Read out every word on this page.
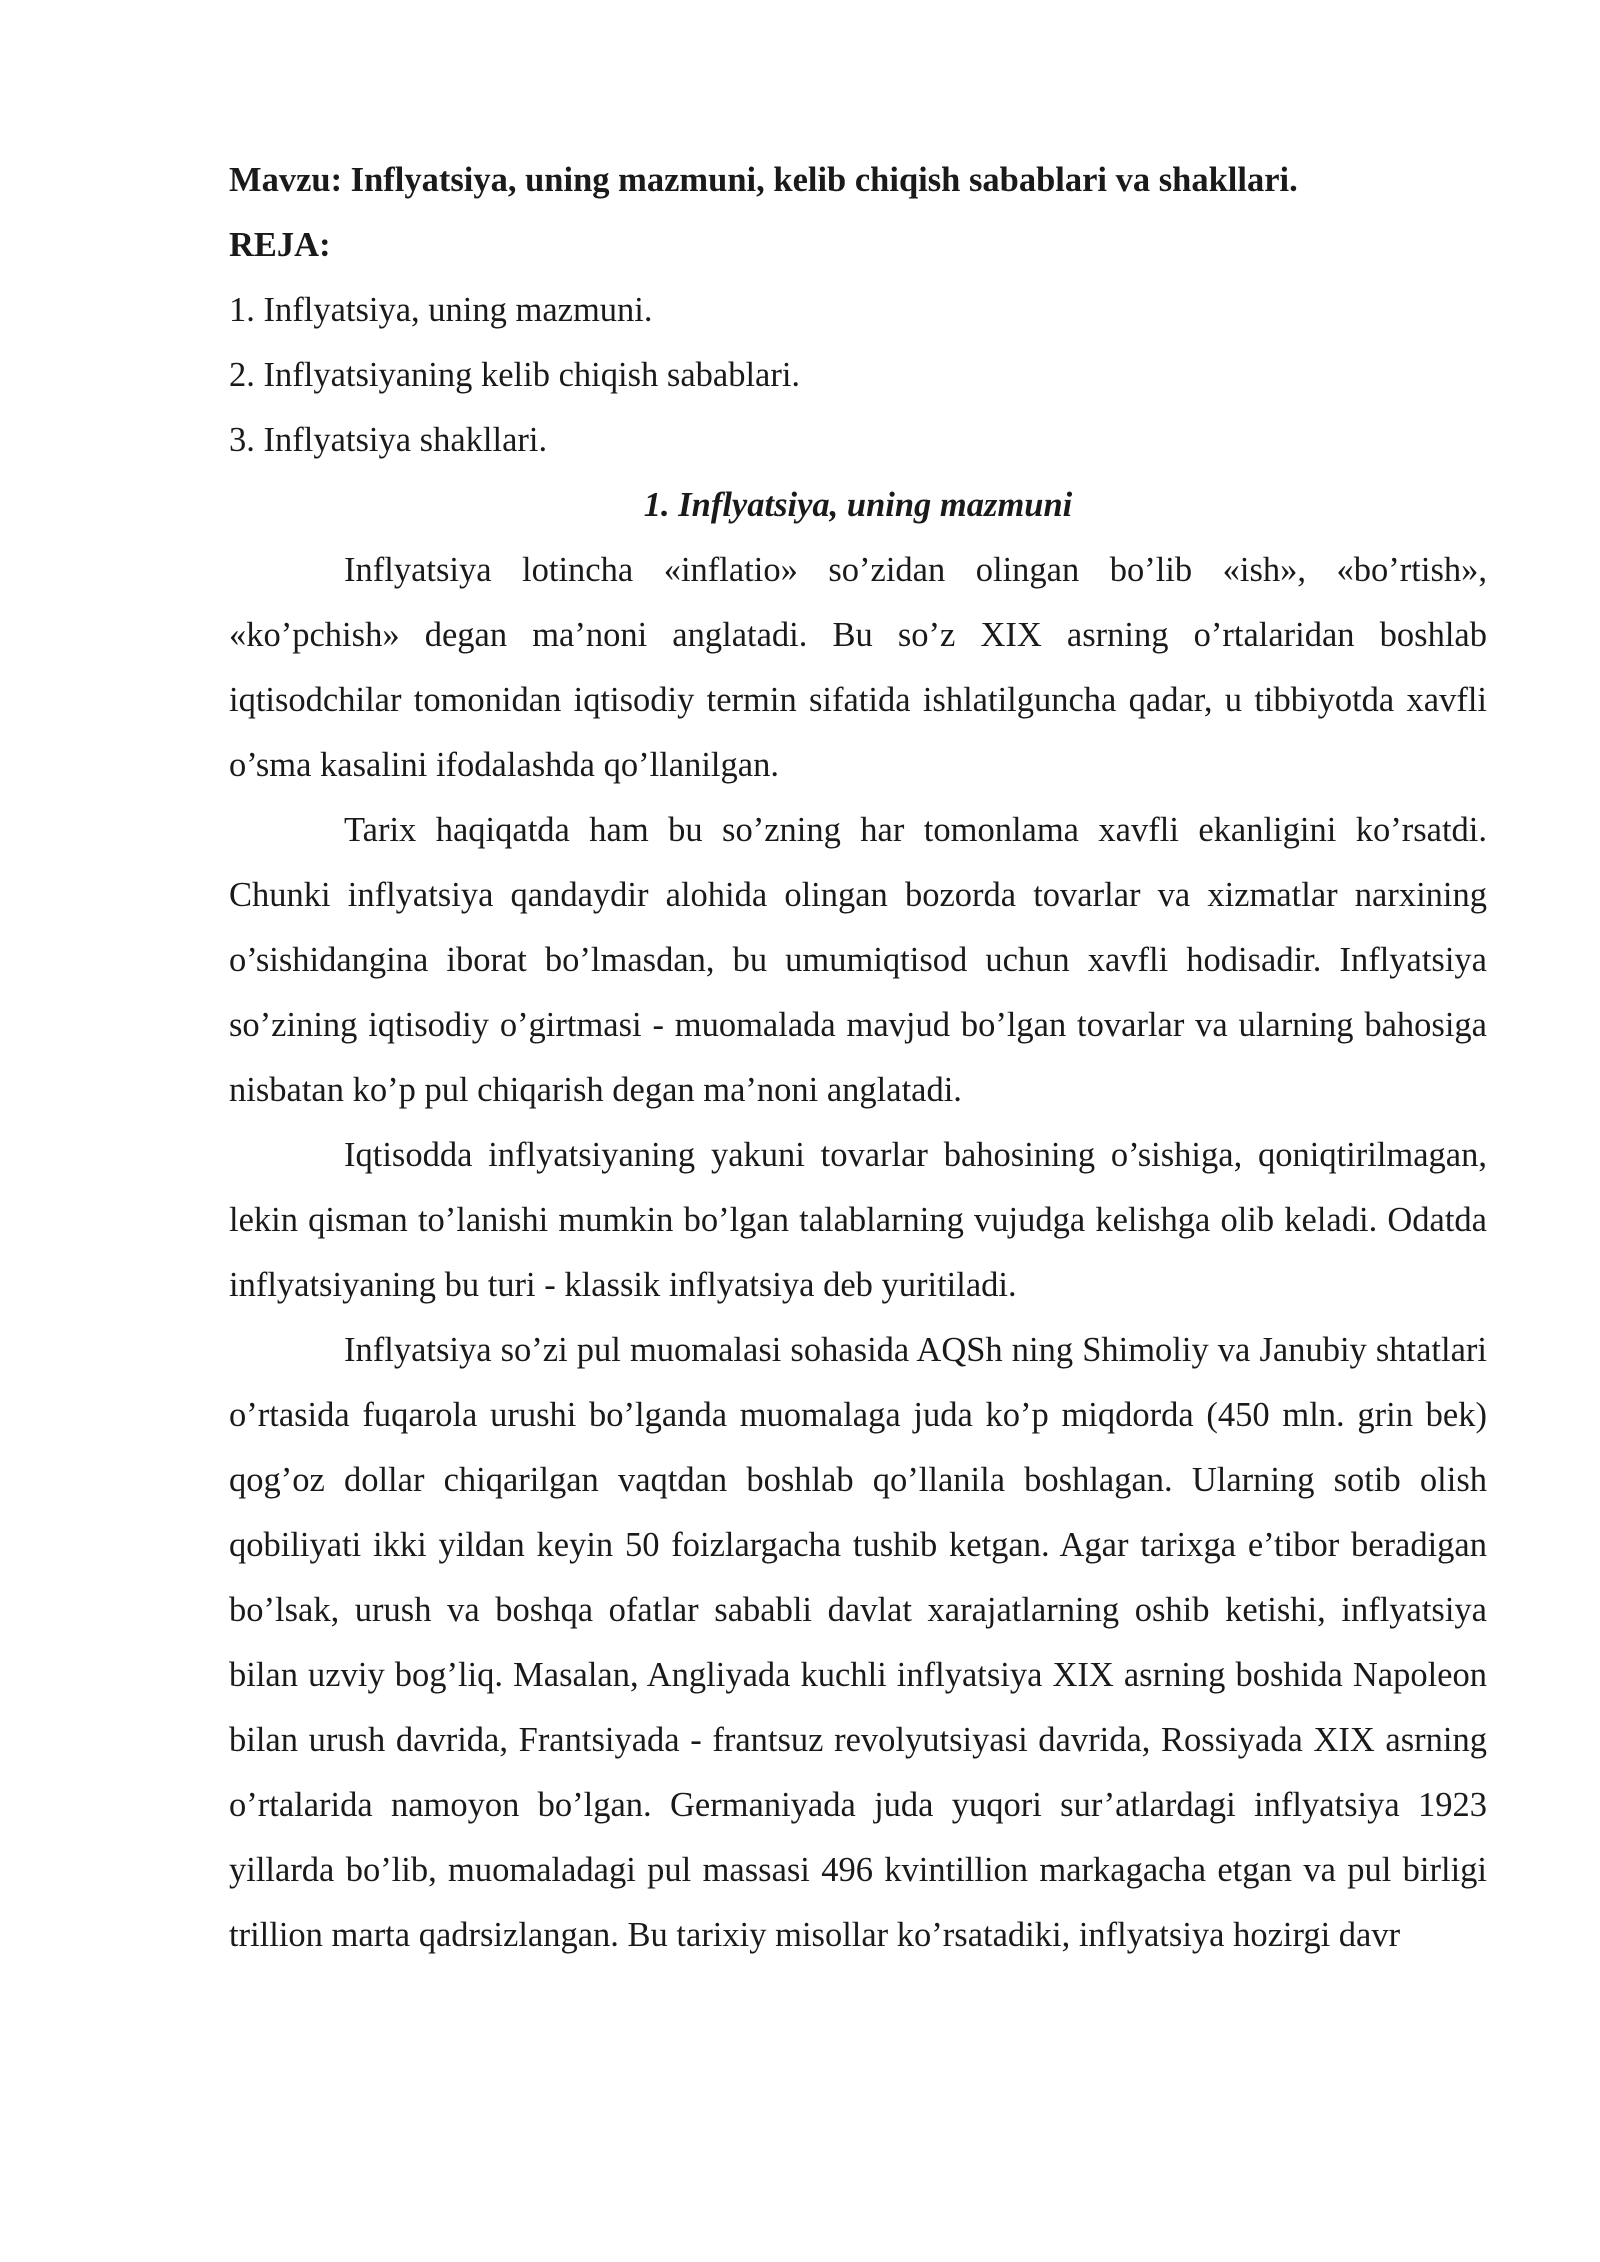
Mavzu: Inflyatsiya, uning mazmuni, kelib chiqish sabablari va shakllari.

REJA:

1. Inflyatsiya, uning mazmuni.

2. Inflyatsiyaning kelib chiqish sabablari.

3. Inflyatsiya shakllari.

1. Inflyatsiya, uning mazmuni

Inflyatsiya lotincha «inflatio» so’zidan olingan bo’lib «ish», «bo’rtish», «ko’pchish» degan ma’noni anglatadi. Bu so’z XIX asrning o’rtalaridan boshlab iqtisodchilar tomonidan iqtisodiy termin sifatida ishlatilguncha qadar, u tibbiyotda xavfli o’sma kasalini ifodalashda qo’llanilgan.

Tarix haqiqatda ham bu so’zning har tomonlama xavfli ekanligini ko’rsatdi. Chunki inflyatsiya qandaydir alohida olingan bozorda tovarlar va xizmatlar narxining o’sishidangina iborat bo’lmasdan, bu umumiqtisod uchun xavfli hodisadir. Inflyatsiya so’zining iqtisodiy o’girtmasi - muomalada mavjud bo’lgan tovarlar va ularning bahosiga nisbatan ko’p pul chiqarish degan ma’noni anglatadi.

Iqtisodda inflyatsiyaning yakuni tovarlar bahosining o’sishiga, qoniqtirilmagan, lekin qisman to’lanishi mumkin bo’lgan talablarning vujudga kelishga olib keladi. Odatda inflyatsiyaning bu turi - klassik inflyatsiya deb yuritiladi.

Inflyatsiya so’zi pul muomalasi sohasida AQSh ning Shimoliy va Janubiy shtatlari o’rtasida fuqarola urushi bo’lganda muomalaga juda ko’p miqdorda (450 mln. grin bek) qog’oz dollar chiqarilgan vaqtdan boshlab qo’llanila boshlagan. Ularning sotib olish qobiliyati ikki yildan keyin 50 foizlargacha tushib ketgan. Agar tarixga e’tibor beradigan bo’lsak, urush va boshqa ofatlar sababli davlat xarajatlarning oshib ketishi, inflyatsiya bilan uzviy bog’liq. Masalan, Angliyada kuchli inflyatsiya XIX asrning boshida Napoleon bilan urush davrida, Frantsiyada - frantsuz revolyutsiyasi davrida, Rossiyada XIX asrning o’rtalarida namoyon bo’lgan. Germaniyada juda yuqori sur’atlardagi inflyatsiya 1923 yillarda bo’lib, muomaladagi pul massasi 496 kvintillion markagacha etgan va pul birligi trillion marta qadrsizlangan. Bu tarixiy misollar ko’rsatadiki, inflyatsiya hozirgi davr
